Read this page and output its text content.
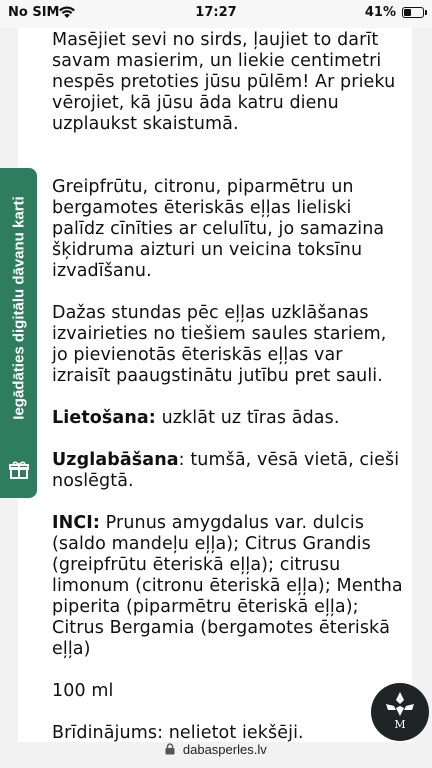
No SIM	17:27	41%

Masējiet sevi no sirds, ļaujiet to darīt savam masierim, un liekie centimetri nespēs pretoties jūsu pūlēm! Ar prieku vērojiet, kā jūsu āda katru dienu uzplaukst skaistumā.

Greipfrūtu, citronu, piparmētru un bergamotes ēteriskās eļļas lieliski palīdz cīnīties ar celulītu, jo samazina šķidruma aizturi un veicina toksīnu izvadīšanu.

Dažas stundas pēc eļļas uzklāšanas izvairieties no tiešiem saules stariem, jo pievienotās ēteriskās eļļas var izraisīt paaugstinātu jutību pret sauli.

Lietošana: uzklāt uz tīras ādas.

Uzglabāšana: tumšā, vēsā vietā, cieši noslēgtā.

INCI: Prunus amygdalus var. dulcis (saldo mandeļu eļļa); Citrus Grandis (greipfrūtu ēteriskā eļļa); citrusu limonum (citronu ēteriskā eļļa); Mentha piperita (piparmētru ēteriskā eļļa); Citrus Bergamia (bergamotes ēteriskā eļļa)

100 ml

Brīdinājums: nelietot iekšēji.

Iegādāties digitālu dāvanu karti
M
dabasperles.lv
